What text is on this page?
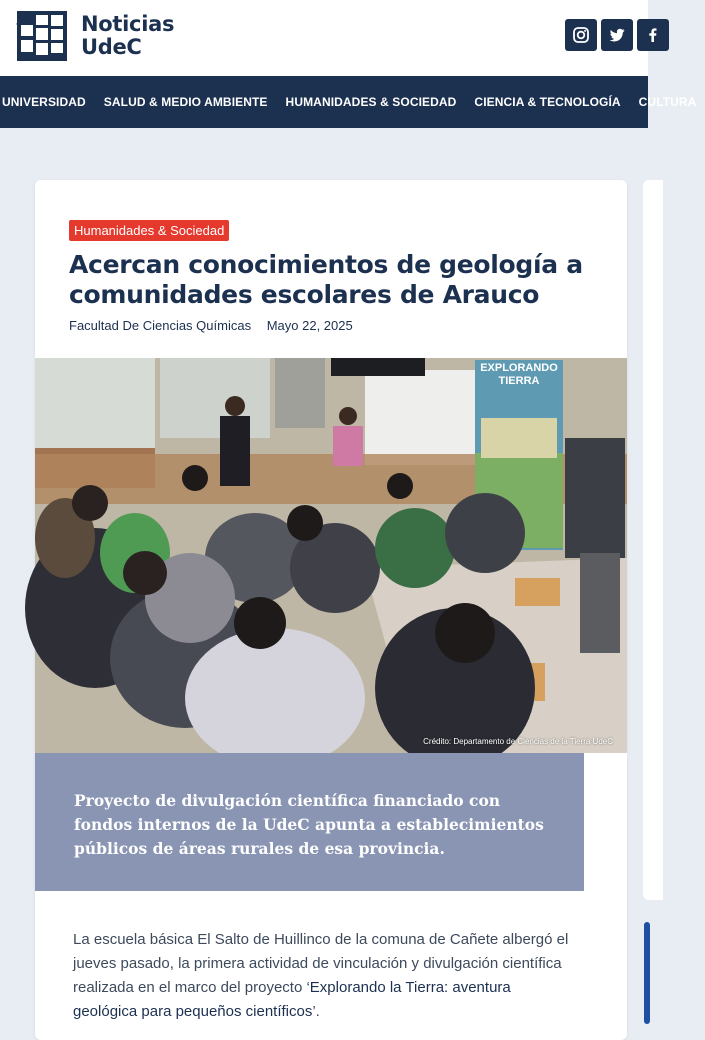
Noticias
UdeC
UNIVERSIDAD	SALUD & MEDIO AMBIENTE	HUMANIDADES & SOCIEDAD	CIENCIA & TECNOLOGÍA	CULTURA
Humanidades & Sociedad
Acercan conocimientos de geología a comunidades escolares de Arauco
Facultad De Ciencias Químicas Mayo 22, 2025
EXPLORANDO
TIERRA
Crédito: Departamento de Ciencias de la Tierra UdeC

Proyecto de divulgación científica financiado con fondos internos de la UdeC apunta a establecimientos públicos de áreas rurales de esa provincia.

La escuela básica El Salto de Huillinco de la comuna de Cañete albergó el jueves pasado, la primera actividad de vinculación y divulgación científica realizada en el marco del proyecto ‘Explorando la Tierra: aventura geológica para pequeños científicos’.
